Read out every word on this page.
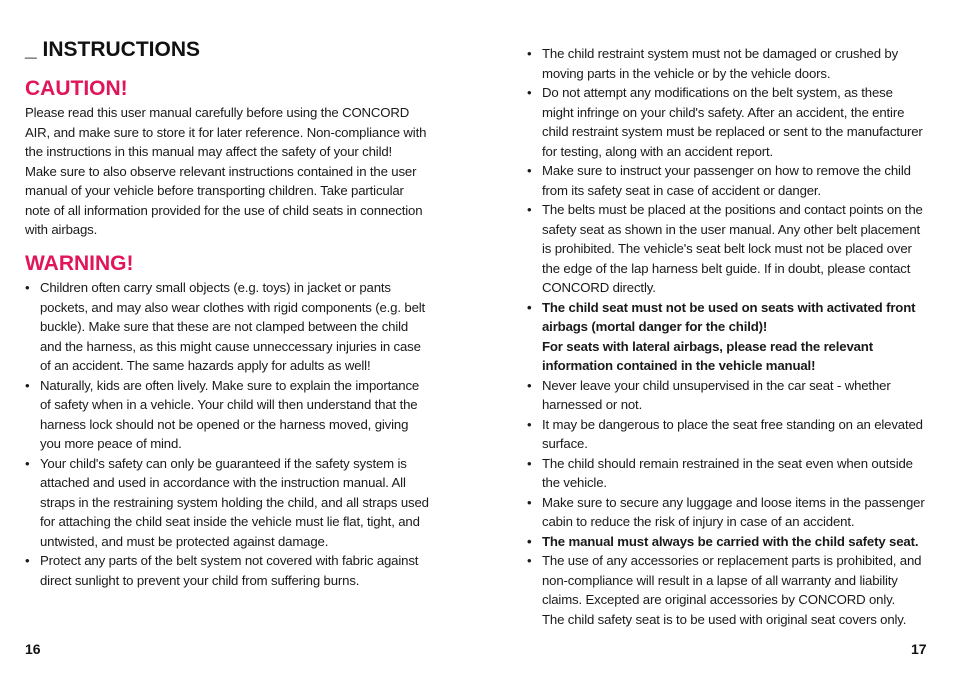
_ INSTRUCTIONS
CAUTION!
Please read this user manual carefully before using the CONCORD AIR, and make sure to store it for later reference. Non-compliance with the instructions in this manual may affect the safety of your child!
Make sure to also observe relevant instructions contained in the user manual of your vehicle before transporting children. Take particular note of all information provided for the use of child seats in connection with airbags.
WARNING!
• Children often carry small objects (e.g. toys) in jacket or pants pockets, and may also wear clothes with rigid components (e.g. belt buckle). Make sure that these are not clamped between the child and the harness, as this might cause unneccessary injuries in case of an accident. The same hazards apply for adults as well!
• Naturally, kids are often lively. Make sure to explain the importance of safety when in a vehicle. Your child will then understand that the harness lock should not be opened or the harness moved, giving you more peace of mind.
• Your child's safety can only be guaranteed if the safety system is attached and used in accordance with the instruction manual. All straps in the restraining system holding the child, and all straps used for attaching the child seat inside the vehicle must lie flat, tight, and untwisted, and must be protected against damage.
• Protect any parts of the belt system not covered with fabric against direct sunlight to prevent your child from suffering burns.
16
• The child restraint system must not be damaged or crushed by moving parts in the vehicle or by the vehicle doors.
• Do not attempt any modifications on the belt system, as these might infringe on your child's safety. After an accident, the entire child restraint system must be replaced or sent to the manufacturer for testing, along with an accident report.
• Make sure to instruct your passenger on how to remove the child from its safety seat in case of accident or danger.
• The belts must be placed at the positions and contact points on the safety seat as shown in the user manual. Any other belt placement is prohibited. The vehicle's seat belt lock must not be placed over the edge of the lap harness belt guide. If in doubt, please contact CONCORD directly.
• The child seat must not be used on seats with activated front airbags (mortal danger for the child)!
For seats with lateral airbags, please read the relevant information contained in the vehicle manual!
• Never leave your child unsupervised in the car seat - whether harnessed or not.
• It may be dangerous to place the seat free standing on an elevated surface.
• The child should remain restrained in the seat even when outside the vehicle.
• Make sure to secure any luggage and loose items in the passenger cabin to reduce the risk of injury in case of an accident.
• The manual must always be carried with the child safety seat.
• The use of any accessories or replacement parts is prohibited, and non-compliance will result in a lapse of all warranty and liability claims. Excepted are original accessories by CONCORD only.
The child safety seat is to be used with original seat covers only.
17
